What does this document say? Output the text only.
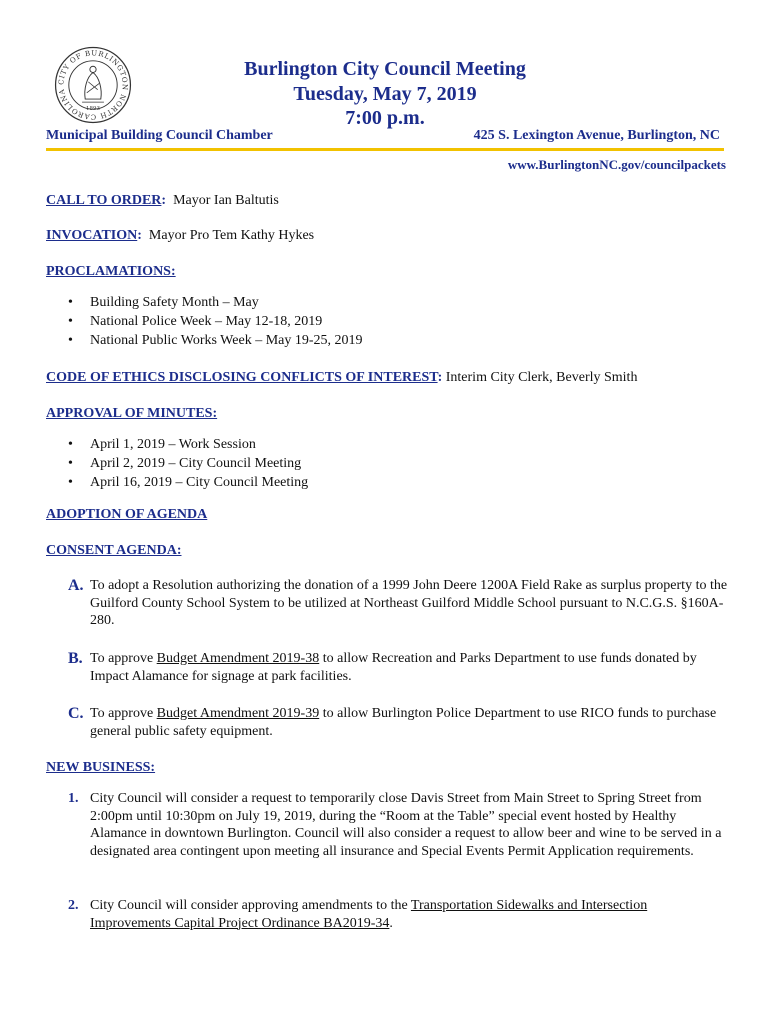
CITY OF BURLINGTON NORTH CAROLINA
1893
Burlington City Council Meeting
Tuesday, May 7, 2019
7:00 p.m.
Municipal Building Council Chamber	425 S. Lexington Avenue, Burlington, NC
www.BurlingtonNC.gov/councilpackets
CALL TO ORDER: Mayor Ian Baltutis
INVOCATION: Mayor Pro Tem Kathy Hykes
PROCLAMATIONS:
• Building Safety Month – May
• National Police Week – May 12-18, 2019
• National Public Works Week – May 19-25, 2019
CODE OF ETHICS DISCLOSING CONFLICTS OF INTEREST: Interim City Clerk, Beverly Smith
APPROVAL OF MINUTES:
• April 1, 2019 – Work Session
• April 2, 2019 – City Council Meeting
• April 16, 2019 – City Council Meeting
ADOPTION OF AGENDA
CONSENT AGENDA:
A. To adopt a Resolution authorizing the donation of a 1999 John Deere 1200A Field Rake as surplus property to the Guilford County School System to be utilized at Northeast Guilford Middle School pursuant to N.C.G.S. §160A-280.
B. To approve Budget Amendment 2019-38 to allow Recreation and Parks Department to use funds donated by Impact Alamance for signage at park facilities.
C. To approve Budget Amendment 2019-39 to allow Burlington Police Department to use RICO funds to purchase general public safety equipment.
NEW BUSINESS:
1. City Council will consider a request to temporarily close Davis Street from Main Street to Spring Street from 2:00pm until 10:30pm on July 19, 2019, during the “Room at the Table” special event hosted by Healthy Alamance in downtown Burlington. Council will also consider a request to allow beer and wine to be served in a designated area contingent upon meeting all insurance and Special Events Permit Application requirements.
2. City Council will consider approving amendments to the Transportation Sidewalks and Intersection Improvements Capital Project Ordinance BA2019-34.
